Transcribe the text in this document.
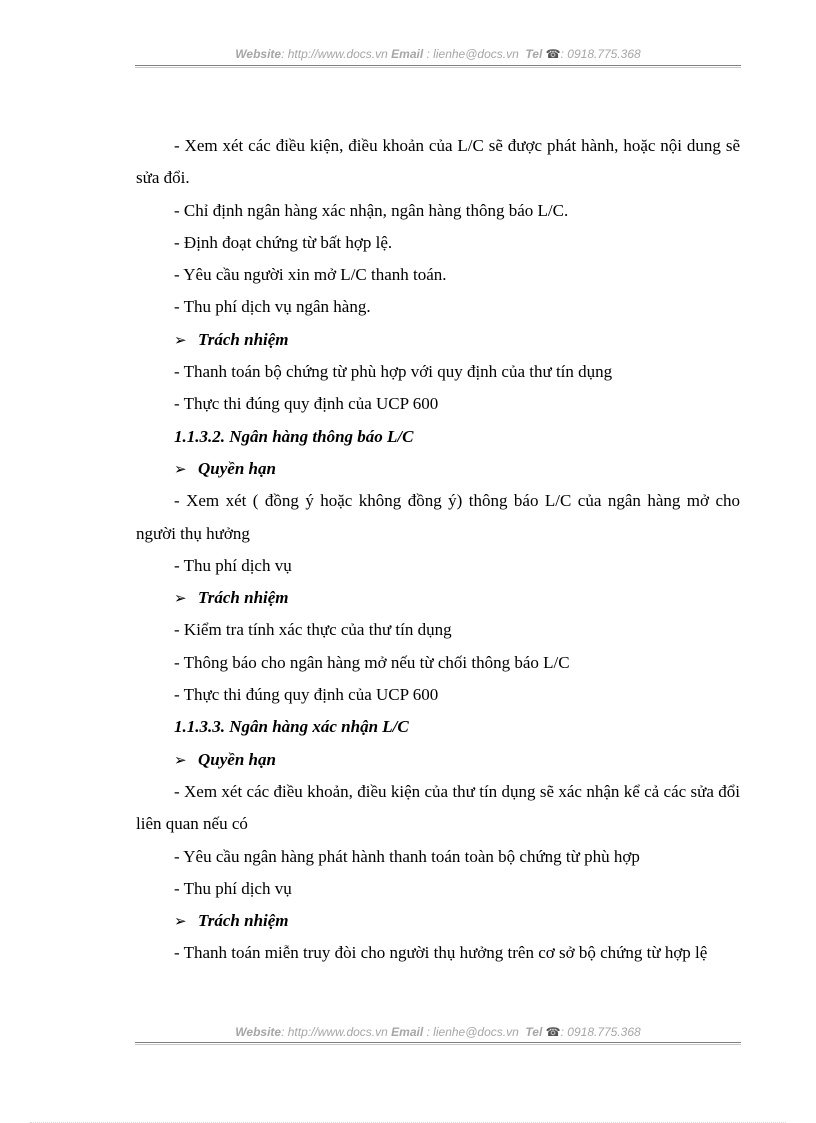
Website: http://www.docs.vn Email : lienhe@docs.vn Tel ☎: 0918.775.368

- Xem xét các điều kiện, điều khoản của L/C sẽ được phát hành, hoặc nội dung sẽ sửa đổi.

- Chỉ định ngân hàng xác nhận, ngân hàng thông báo L/C.

- Định đoạt chứng từ bất hợp lệ.

- Yêu cầu người xin mở L/C thanh toán.

- Thu phí dịch vụ ngân hàng.

➢ Trách nhiệm

- Thanh toán bộ chứng từ phù hợp với quy định của thư tín dụng

- Thực thi đúng quy định của UCP 600

1.1.3.2. Ngân hàng thông báo L/C

➢ Quyền hạn

- Xem xét ( đồng ý hoặc không đồng ý) thông báo L/C của ngân hàng mở cho người thụ hưởng

- Thu phí dịch vụ

➢ Trách nhiệm

- Kiểm tra tính xác thực của thư tín dụng

- Thông báo cho ngân hàng mở nếu từ chối thông báo L/C

- Thực thi đúng quy định của UCP 600

1.1.3.3. Ngân hàng xác nhận L/C

➢ Quyền hạn

- Xem xét các điều khoản, điều kiện của thư tín dụng sẽ xác nhận kể cả các sửa đổi liên quan nếu có

- Yêu cầu ngân hàng phát hành thanh toán toàn bộ chứng từ phù hợp

- Thu phí dịch vụ

➢ Trách nhiệm

- Thanh toán miễn truy đòi cho người thụ hưởng trên cơ sở bộ chứng từ hợp lệ

Website: http://www.docs.vn Email : lienhe@docs.vn Tel ☎: 0918.775.368
